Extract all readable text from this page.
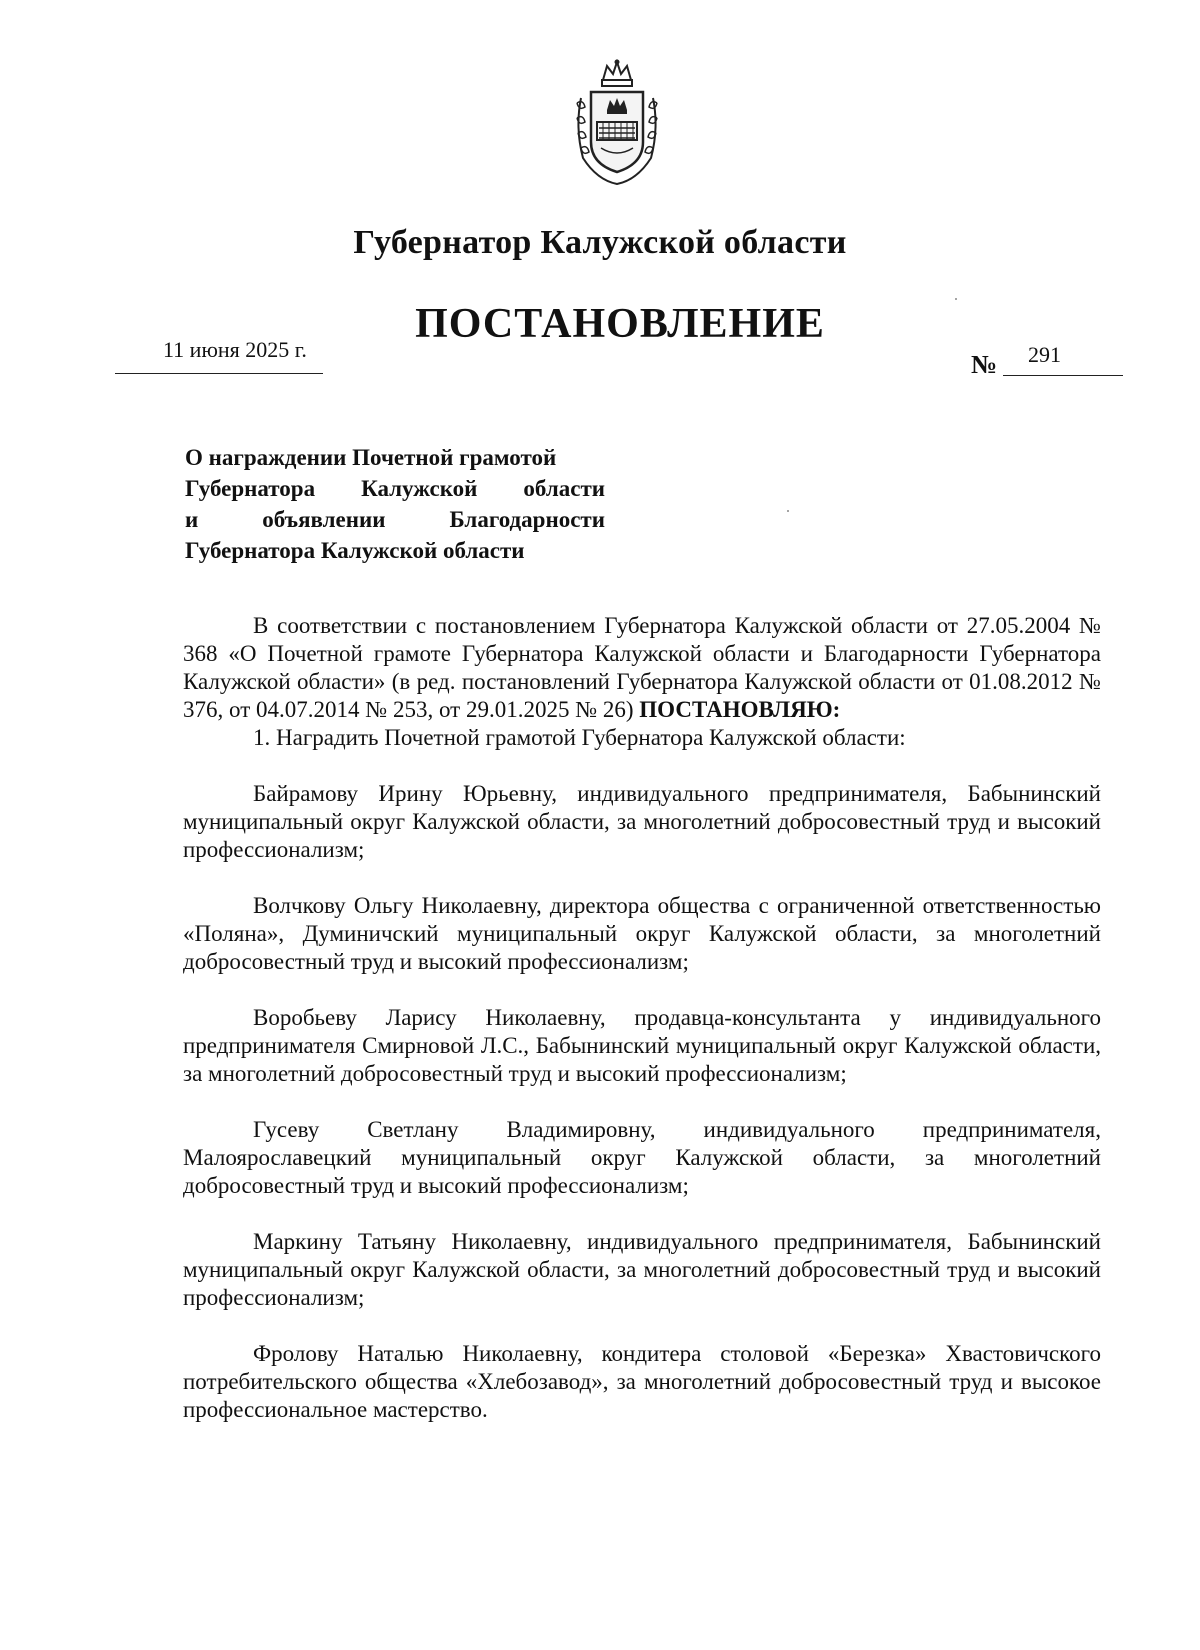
Губернатор Калужской области
ПОСТАНОВЛЕНИЕ
11 июня 2025 г.
№ 291
О награждении Почетной грамотой
Губернатора Калужской области
и объявлении Благодарности
Губернатора Калужской области

В соответствии с постановлением Губернатора Калужской области от 27.05.2004 № 368 «О Почетной грамоте Губернатора Калужской области и Благодарности Губернатора Калужской области» (в ред. постановлений Губернатора Калужской области от 01.08.2012 № 376, от 04.07.2014 № 253, от 29.01.2025 № 26) ПОСТАНОВЛЯЮ:

1. Наградить Почетной грамотой Губернатора Калужской области:

Байрамову Ирину Юрьевну, индивидуального предпринимателя, Бабынинский муниципальный округ Калужской области, за многолетний добросовестный труд и высокий профессионализм;

Волчкову Ольгу Николаевну, директора общества с ограниченной ответственностью «Поляна», Думиничский муниципальный округ Калужской области, за многолетний добросовестный труд и высокий профессионализм;

Воробьеву Ларису Николаевну, продавца-консультанта у индивидуального предпринимателя Смирновой Л.С., Бабынинский муниципальный округ Калужской области, за многолетний добросовестный труд и высокий профессионализм;

Гусеву Светлану Владимировну, индивидуального предпринимателя, Малоярославецкий муниципальный округ Калужской области, за многолетний добросовестный труд и высокий профессионализм;

Маркину Татьяну Николаевну, индивидуального предпринимателя, Бабынинский муниципальный округ Калужской области, за многолетний добросовестный труд и высокий профессионализм;

Фролову Наталью Николаевну, кондитера столовой «Березка» Хвастовичского потребительского общества «Хлебозавод», за многолетний добросовестный труд и высокое профессиональное мастерство.
